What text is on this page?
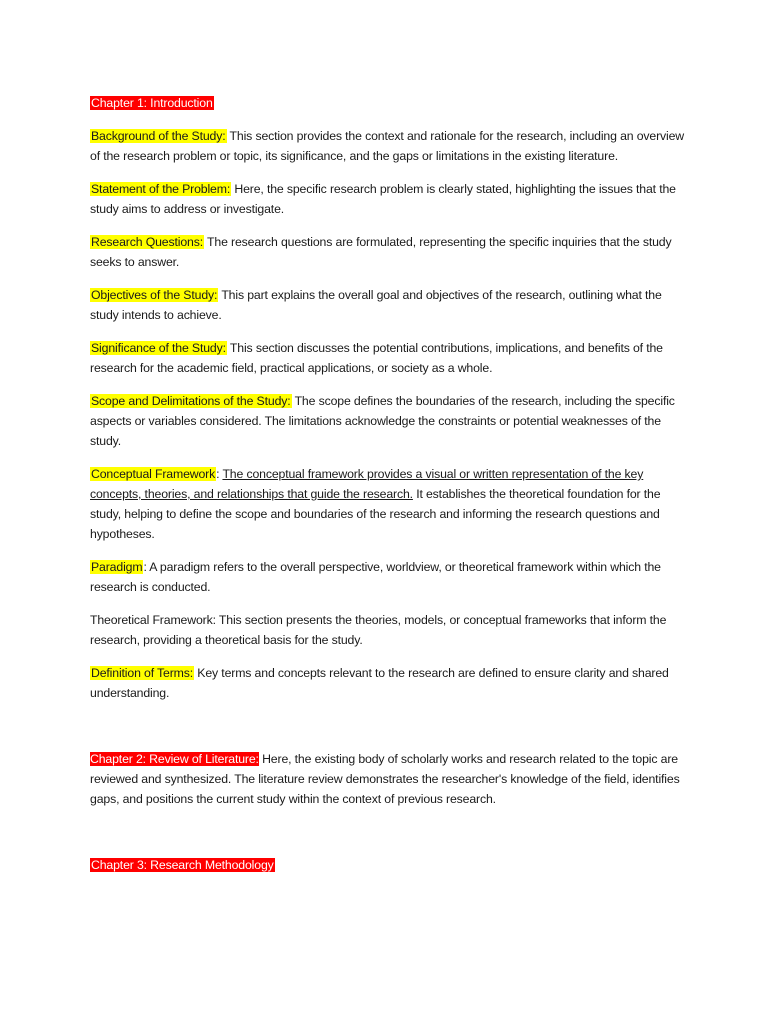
Chapter 1: Introduction

Background of the Study: This section provides the context and rationale for the research, including an overview of the research problem or topic, its significance, and the gaps or limitations in the existing literature.

Statement of the Problem: Here, the specific research problem is clearly stated, highlighting the issues that the study aims to address or investigate.

Research Questions: The research questions are formulated, representing the specific inquiries that the study seeks to answer.

Objectives of the Study: This part explains the overall goal and objectives of the research, outlining what the study intends to achieve.

Significance of the Study: This section discusses the potential contributions, implications, and benefits of the research for the academic field, practical applications, or society as a whole.

Scope and Delimitations of the Study: The scope defines the boundaries of the research, including the specific aspects or variables considered. The limitations acknowledge the constraints or potential weaknesses of the study.

Conceptual Framework: The conceptual framework provides a visual or written representation of the key concepts, theories, and relationships that guide the research. It establishes the theoretical foundation for the study, helping to define the scope and boundaries of the research and informing the research questions and hypotheses.

Paradigm: A paradigm refers to the overall perspective, worldview, or theoretical framework within which the research is conducted.

Theoretical Framework: This section presents the theories, models, or conceptual frameworks that inform the research, providing a theoretical basis for the study.

Definition of Terms: Key terms and concepts relevant to the research are defined to ensure clarity and shared understanding.

Chapter 2: Review of Literature: Here, the existing body of scholarly works and research related to the topic are reviewed and synthesized. The literature review demonstrates the researcher's knowledge of the field, identifies gaps, and positions the current study within the context of previous research.

Chapter 3: Research Methodology
